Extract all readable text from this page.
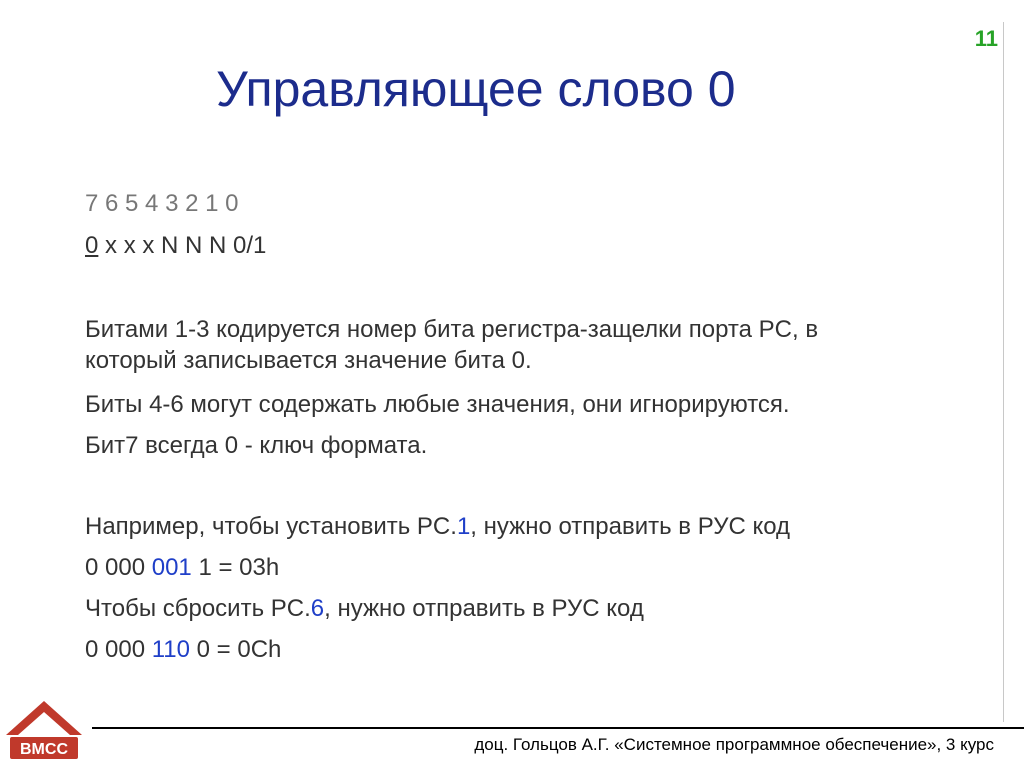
11
Управляющее слово 0
7 6 5 4 3 2 1 0
0 x x x N N N 0/1
Битами 1-3 кодируется номер бита регистра-защелки порта PC, в
который записывается значение бита 0.
Биты 4-6 могут содержать любые значения, они игнорируются.
Бит7 всегда 0 - ключ формата.
Например, чтобы установить PC.1, нужно отправить в РУС код
0 000 001 1 = 03h
Чтобы сбросить PC.6, нужно отправить в РУС код
0 000 110 0 = 0Ch
ВМСС	доц. Гольцов А.Г. «Системное программное обеспечение», 3 курс
